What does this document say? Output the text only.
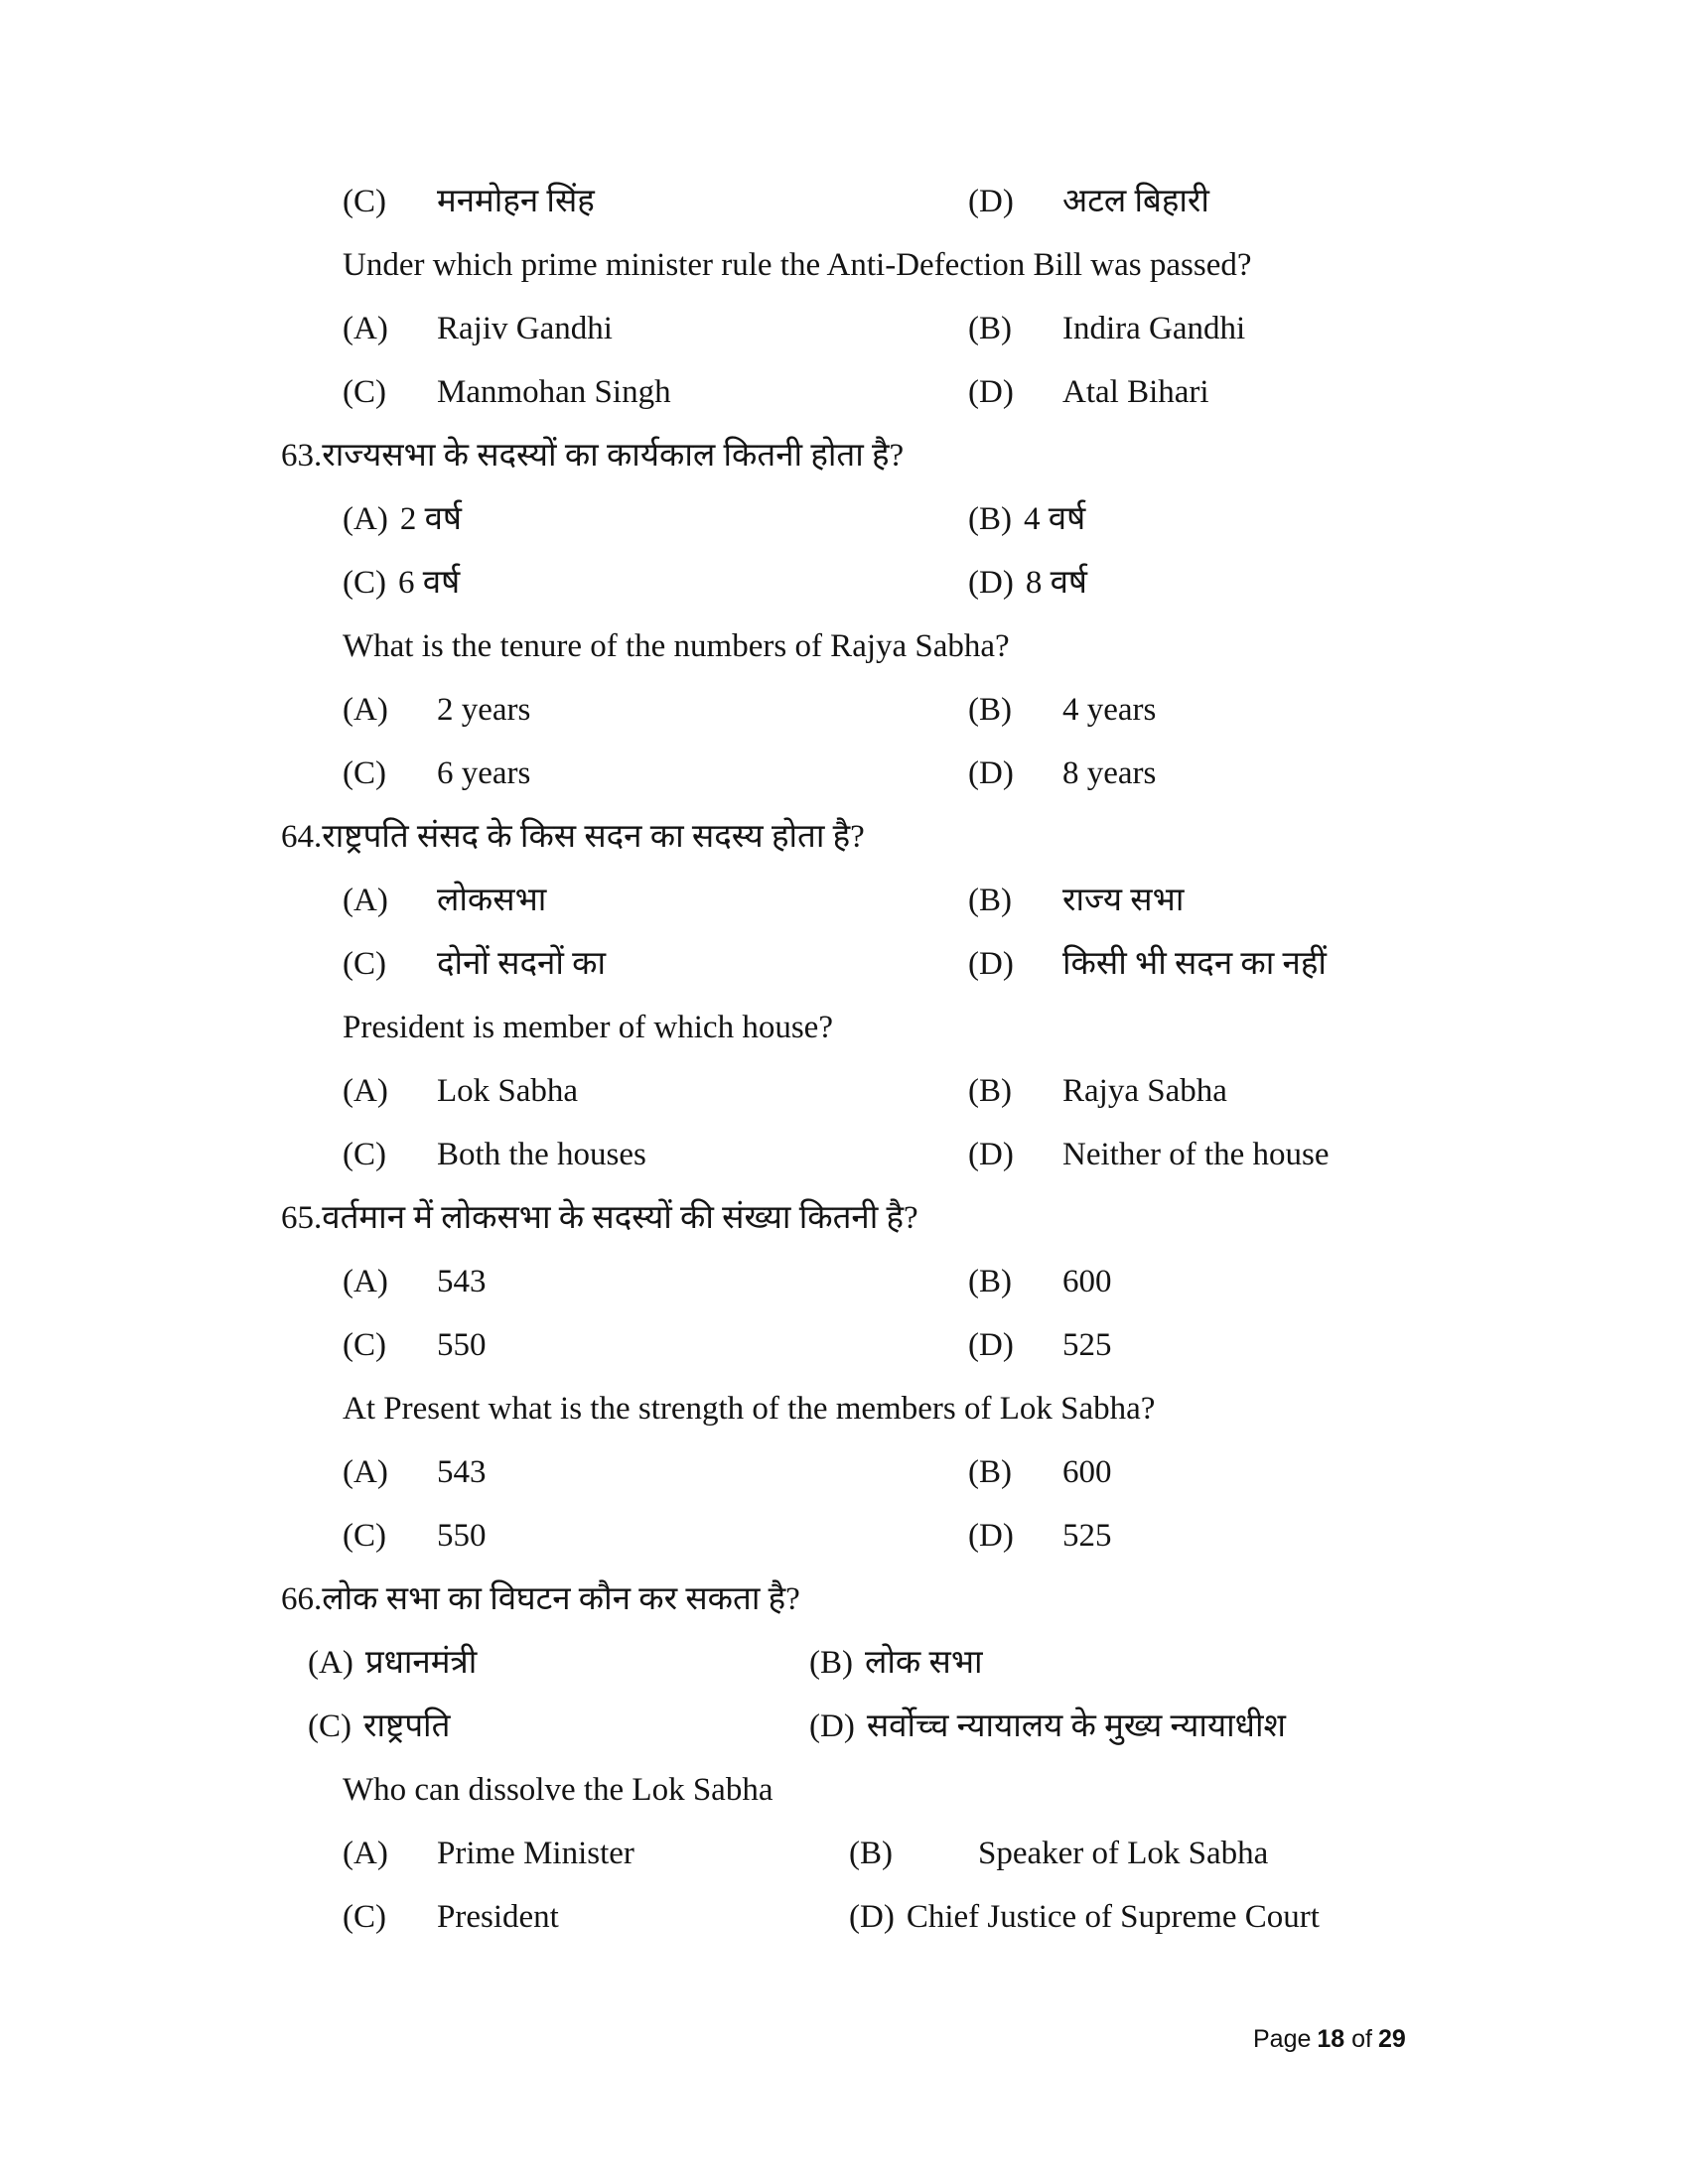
(C)	मनमोहन सिंह	(D)	अटल बिहारी
Under which prime minister rule the Anti-Defection Bill was passed?
(A)	Rajiv Gandhi	(B)	Indira Gandhi
(C)	Manmohan Singh	(D)	Atal Bihari
63. राज्यसभा के सदस्यों का कार्यकाल कितनी होता है?
(A) 2 वर्ष	(B) 4 वर्ष
(C) 6 वर्ष	(D) 8 वर्ष
What is the tenure of the numbers of Rajya Sabha?
(A)	2 years	(B)	4 years
(C)	6 years	(D)	8 years
64. राष्ट्रपति संसद के किस सदन का सदस्य होता है?
(A)	लोकसभा	(B)	राज्य सभा
(C)	दोनों सदनों का	(D)	किसी भी सदन का नहीं
President is member of which house?
(A)	Lok Sabha	(B)	Rajya Sabha
(C)	Both the houses	(D)	Neither of the house
65. वर्तमान में लोकसभा के सदस्यों की संख्या कितनी है?
(A)	543	(B)	600
(C)	550	(D)	525
At Present what is the strength of the members of Lok Sabha?
(A)	543	(B)	600
(C)	550	(D)	525
66. लोक सभा का विघटन कौन कर सकता है?
(A) प्रधानमंत्री	(B) लोक सभा
(C) राष्ट्रपति	(D) सर्वोच्च न्यायालय के मुख्य न्यायाधीश
Who can dissolve the Lok Sabha
(A)	Prime Minister	(B)	Speaker of Lok Sabha
(C)	President	(D) Chief Justice of Supreme Court
Page 18 of 29
